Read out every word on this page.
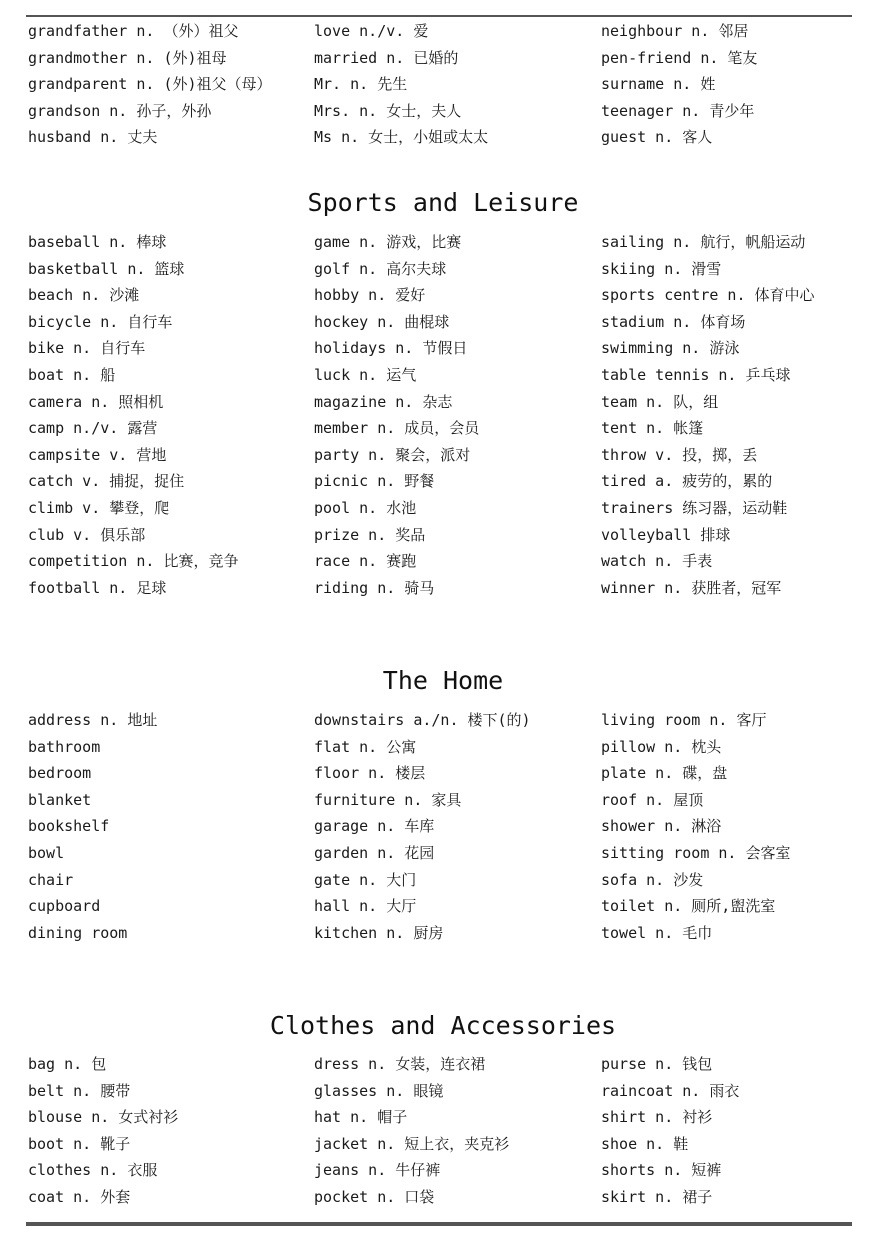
grandfather n. （外）祖父
grandmother n. (外)祖母
grandparent n. (外)祖父（母）
grandson n. 孙子，外孙
husband n. 丈夫
love n./v. 爱
married n. 已婚的
Mr. n. 先生
Mrs. n. 女士，夫人
Ms n. 女士，小姐或太太
neighbour n. 邻居
pen-friend n. 笔友
surname n. 姓
teenager n. 青少年
guest n. 客人
Sports and Leisure
baseball n. 棒球
basketball n. 篮球
beach n. 沙滩
bicycle n. 自行车
bike n. 自行车
boat n. 船
camera n. 照相机
camp n./v. 露营
campsite v. 营地
catch v. 捕捉，捉住
climb v. 攀登，爬
club v. 俱乐部
competition n. 比赛，竞争
football n. 足球
game n. 游戏，比赛
golf n. 高尔夫球
hobby n. 爱好
hockey n. 曲棍球
holidays n. 节假日
luck n. 运气
magazine n. 杂志
member n. 成员，会员
party n. 聚会，派对
picnic n. 野餐
pool n. 水池
prize n. 奖品
race n. 赛跑
riding n. 骑马
sailing n. 航行，帆船运动
skiing n. 滑雪
sports centre n. 体育中心
stadium n. 体育场
swimming n. 游泳
table tennis n. 乒乓球
team n. 队，组
tent n. 帐篷
throw v. 投，掷，丢
tired a. 疲劳的，累的
trainers 练习器，运动鞋
volleyball 排球
watch n. 手表
winner n. 获胜者，冠军
The Home
address n. 地址
bathroom
bedroom
blanket
bookshelf
bowl
chair
cupboard
dining room
downstairs a./n. 楼下(的)
flat n. 公寓
floor n. 楼层
furniture n. 家具
garage n. 车库
garden n. 花园
gate n. 大门
hall n. 大厅
kitchen n. 厨房
living room n. 客厅
pillow n. 枕头
plate n. 碟，盘
roof n. 屋顶
shower n. 淋浴
sitting room n. 会客室
sofa n. 沙发
toilet n. 厕所,盥洗室
towel n. 毛巾
Clothes and Accessories
bag n. 包
belt n. 腰带
blouse n. 女式衬衫
boot n. 靴子
clothes n. 衣服
coat n. 外套
dress n. 女装，连衣裙
glasses n. 眼镜
hat n. 帽子
jacket n. 短上衣，夹克衫
jeans n. 牛仔裤
pocket n. 口袋
purse n. 钱包
raincoat n. 雨衣
shirt n. 衬衫
shoe n. 鞋
shorts n. 短裤
skirt n. 裙子
